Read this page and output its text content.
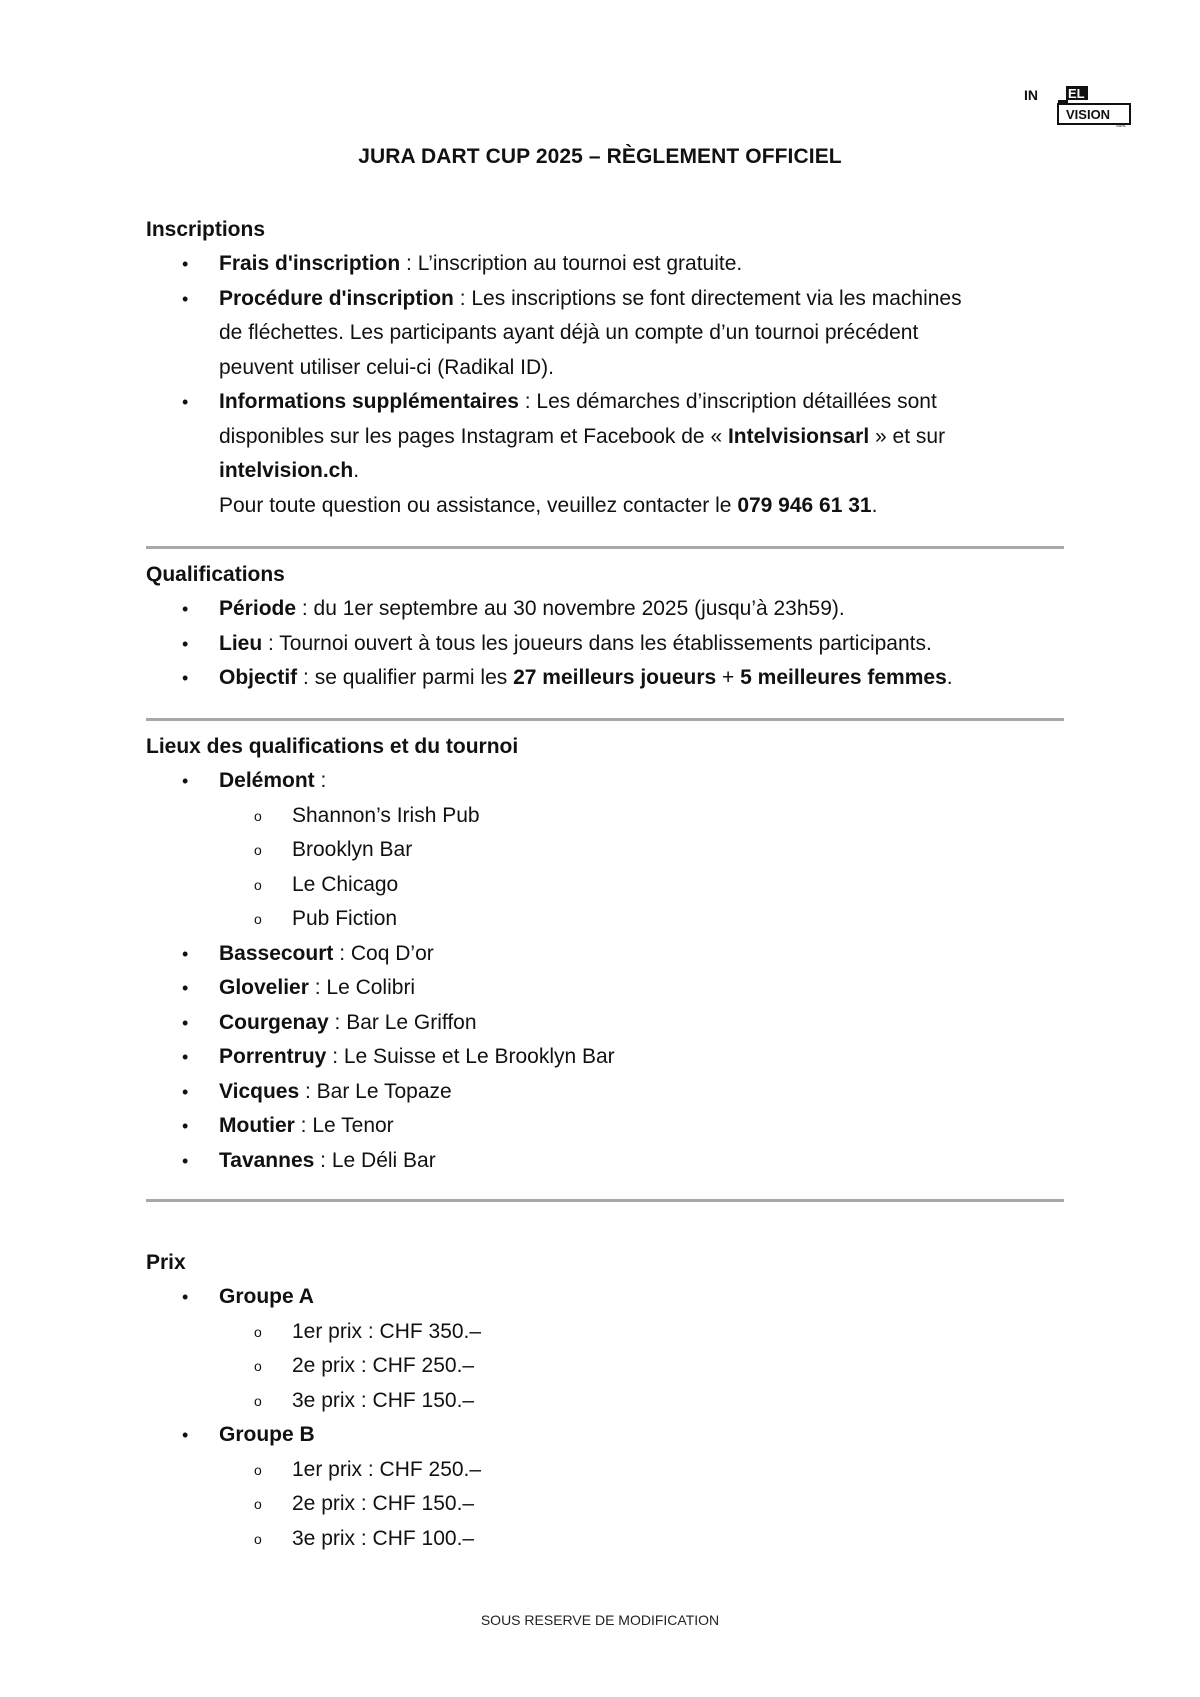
IN EL
VISION
SARL
JURA DART CUP 2025 – RÈGLEMENT OFFICIEL
Inscriptions
• Frais d'inscription : L’inscription au tournoi est gratuite.
• Procédure d'inscription : Les inscriptions se font directement via les machines
de fléchettes. Les participants ayant déjà un compte d’un tournoi précédent
peuvent utiliser celui-ci (Radikal ID).
• Informations supplémentaires : Les démarches d’inscription détaillées sont
disponibles sur les pages Instagram et Facebook de « Intelvisionsarl » et sur
intelvision.ch.
Pour toute question ou assistance, veuillez contacter le 079 946 61 31.
Qualifications
• Période : du 1er septembre au 30 novembre 2025 (jusqu’à 23h59).
• Lieu : Tournoi ouvert à tous les joueurs dans les établissements participants.
• Objectif : se qualifier parmi les 27 meilleurs joueurs + 5 meilleures femmes.
Lieux des qualifications et du tournoi
• Delémont :
o Shannon’s Irish Pub
o Brooklyn Bar
o Le Chicago
o Pub Fiction
• Bassecourt : Coq D’or
• Glovelier : Le Colibri
• Courgenay : Bar Le Griffon
• Porrentruy : Le Suisse et Le Brooklyn Bar
• Vicques : Bar Le Topaze
• Moutier : Le Tenor
• Tavannes : Le Déli Bar
Prix
• Groupe A
o 1er prix : CHF 350.–
o 2e prix : CHF 250.–
o 3e prix : CHF 150.–
• Groupe B
o 1er prix : CHF 250.–
o 2e prix : CHF 150.–
o 3e prix : CHF 100.–
SOUS RESERVE DE MODIFICATION
